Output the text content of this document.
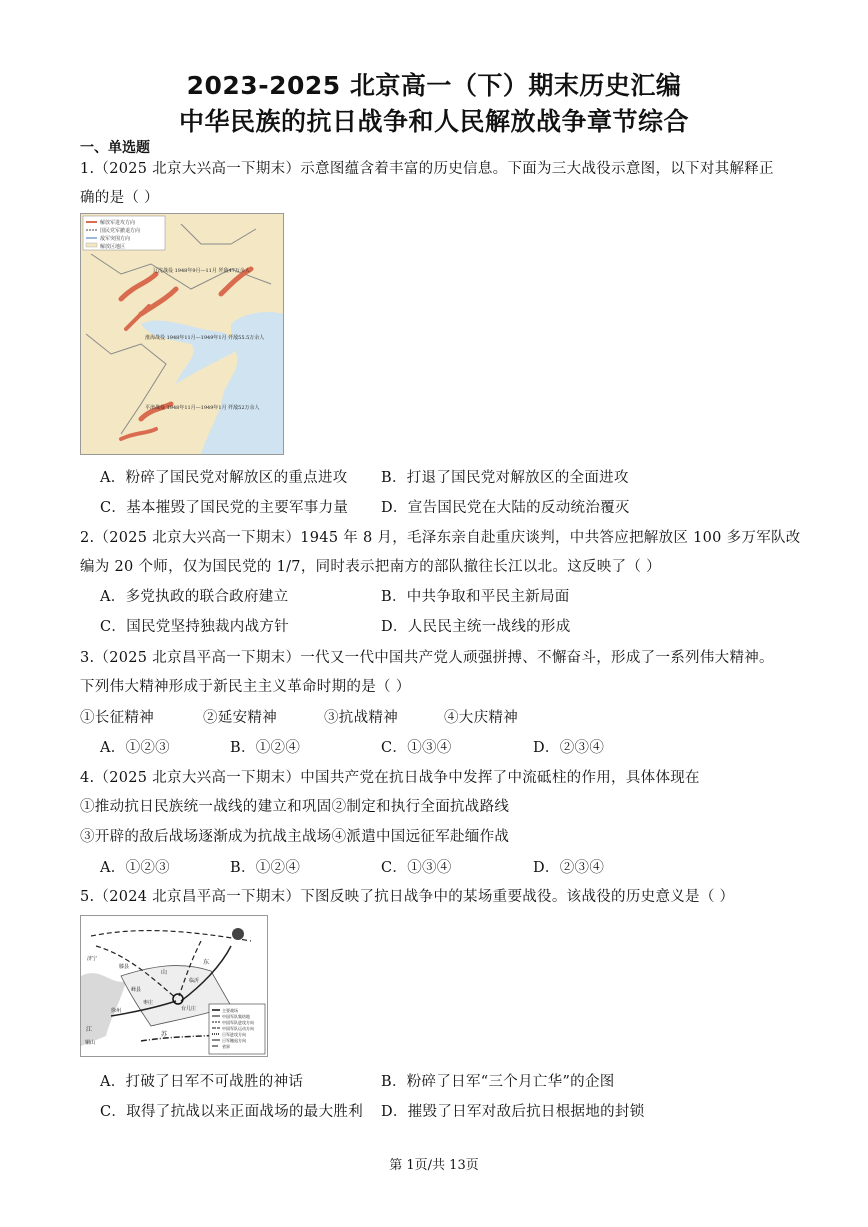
2023-2025 北京高一（下）期末历史汇编
中华民族的抗日战争和人民解放战争章节综合
一、单选题
1.（2025 北京大兴高一下期末）示意图蕴含着丰富的历史信息。下面为三大战役示意图，以下对其解释正
确的是（ ）
解放军进攻方向
国民党军撤退方向
敌军突围方向
解放区地区
辽沈战役 1948年9月—11月 歼敌47万余人
淮海战役 1948年11月—1949年1月 歼敌55.5万余人
平津战役 1948年11月—1949年1月 歼敌52万余人
A．粉碎了国民党对解放区的重点进攻 B．打退了国民党对解放区的全面进攻
C．基本摧毁了国民党的主要军事力量 D．宣告国民党在大陆的反动统治覆灭
2.（2025 北京大兴高一下期末）1945 年 8 月，毛泽东亲自赴重庆谈判，中共答应把解放区 100 多万军队改
编为 20 个师，仅为国民党的 1/7，同时表示把南方的部队撤往长江以北。这反映了（ ）
A．多党执政的联合政府建立	B．中共争取和平民主新局面
C．国民党坚持独裁内战方针	D．人民民主统一战线的形成
3.（2025 北京昌平高一下期末）一代又一代中国共产党人顽强拼搏、不懈奋斗，形成了一系列伟大精神。
下列伟大精神形成于新民主主义革命时期的是（ ）
①长征精神	②延安精神	③抗战精神	④大庆精神
A．①②③	B．①②④	C．①③④	D．②③④
4.（2025 北京大兴高一下期末）中国共产党在抗日战争中发挥了中流砥柱的作用，具体体现在
①推动抗日民族统一战线的建立和巩固②制定和执行全面抗战路线
③开辟的敌后战场逐渐成为抗战主战场④派遣中国远征军赴缅作战
A．①②③	B．①②④	C．①③④	D．②③④
5.（2024 北京昌平高一下期末）下图反映了抗日战争中的某场重要战役。该战役的历史意义是（ ）
山
东
江
苏
临沂
峄县
台儿庄
徐州
滕县
枣庄
铜山
济宁
主要战场
中国军队集结地
中国军队进攻方向
中国军队运动方向
日军进攻方向
日军撤退方向
省界
A．打破了日军不可战胜的神话	B．粉碎了日军“三个月亡华”的企图
C．取得了抗战以来正面战场的最大胜利 D．摧毁了日军对敌后抗日根据地的封锁
第 1页/共 13页
